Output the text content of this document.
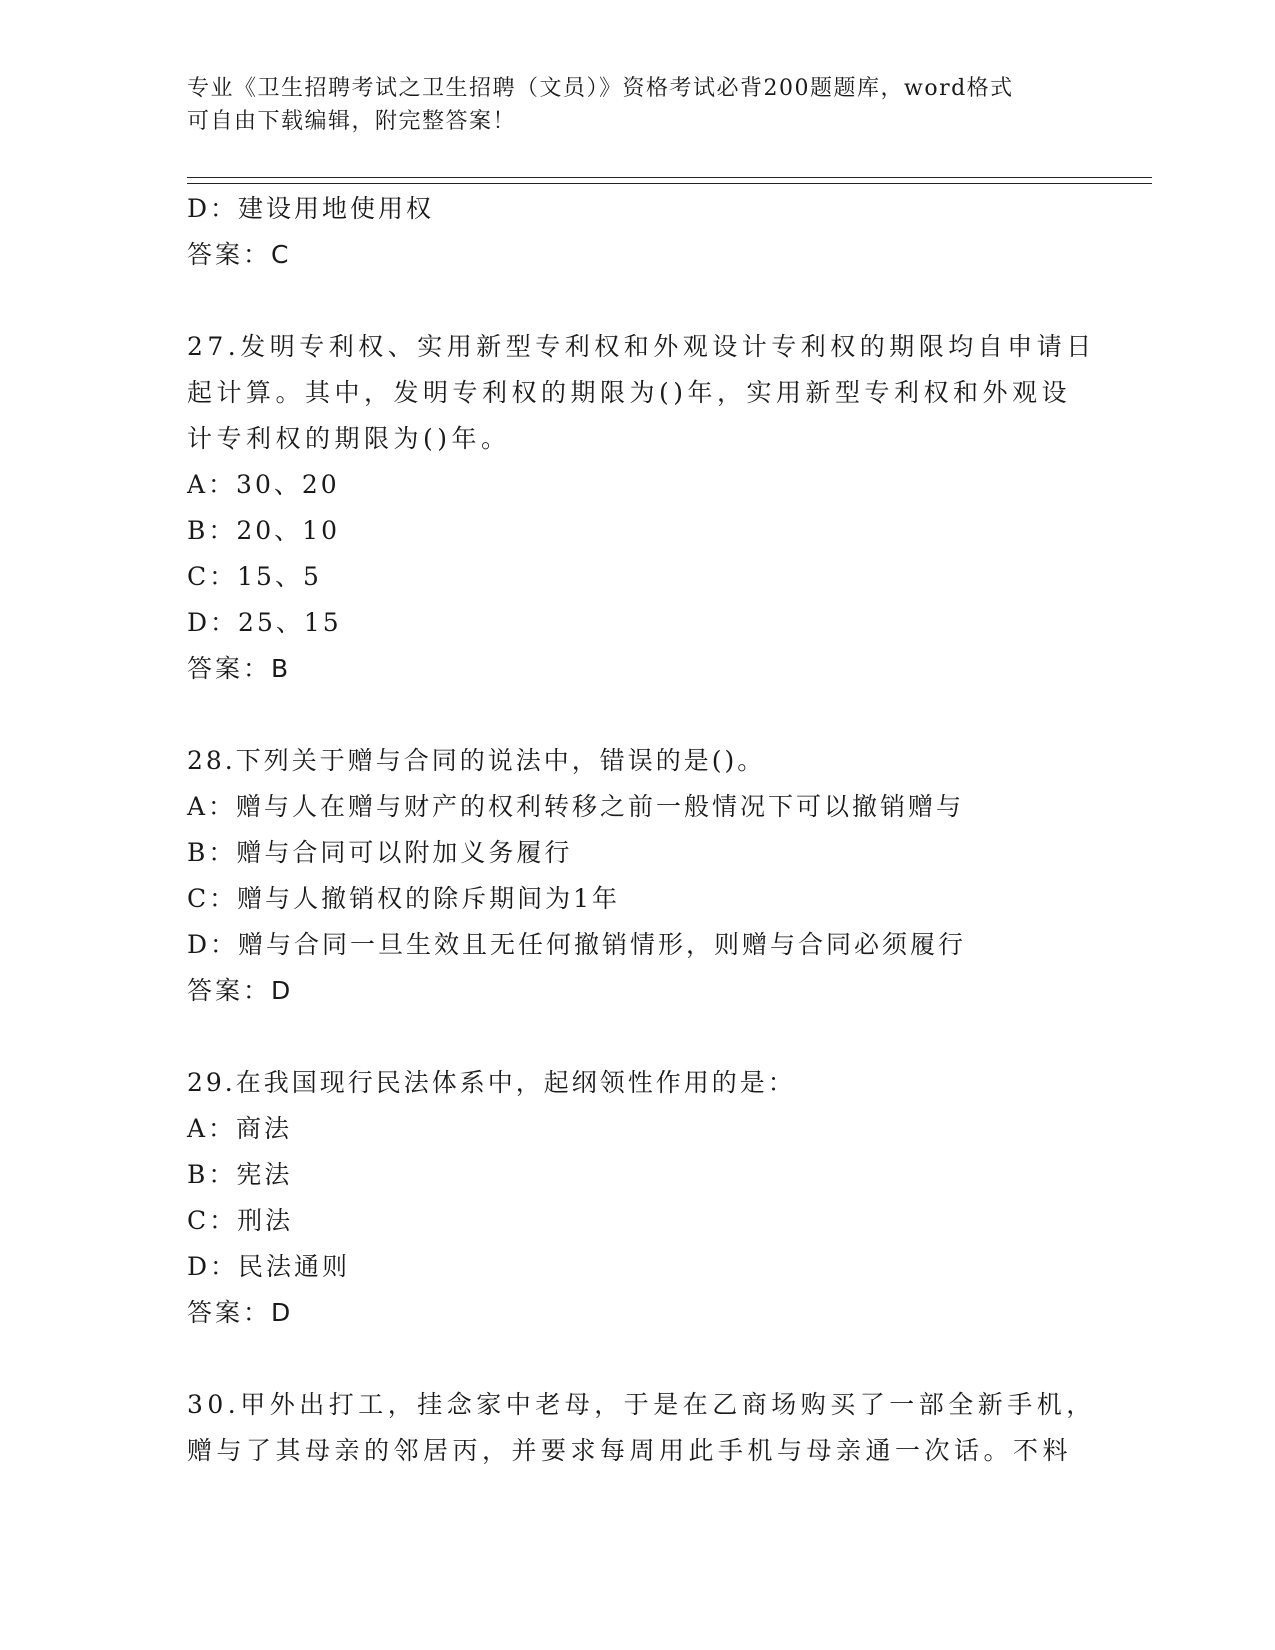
专业《卫生招聘考试之卫生招聘（文员）》资格考试必背200题题库，word格式
可自由下载编辑，附完整答案！
D：建设用地使用权
答案：C
27.发明专利权、实用新型专利权和外观设计专利权的期限均自申请日
起计算。其中，发明专利权的期限为()年，实用新型专利权和外观设
计专利权的期限为()年。
A：30、20
B：20、10
C：15、5
D：25、15
答案：B
28.下列关于赠与合同的说法中，错误的是()。
A：赠与人在赠与财产的权利转移之前一般情况下可以撤销赠与
B：赠与合同可以附加义务履行
C：赠与人撤销权的除斥期间为1年
D：赠与合同一旦生效且无任何撤销情形，则赠与合同必须履行
答案：D
29.在我国现行民法体系中，起纲领性作用的是：
A：商法
B：宪法
C：刑法
D：民法通则
答案：D
30.甲外出打工，挂念家中老母，于是在乙商场购买了一部全新手机，
赠与了其母亲的邻居丙，并要求每周用此手机与母亲通一次话。不料
